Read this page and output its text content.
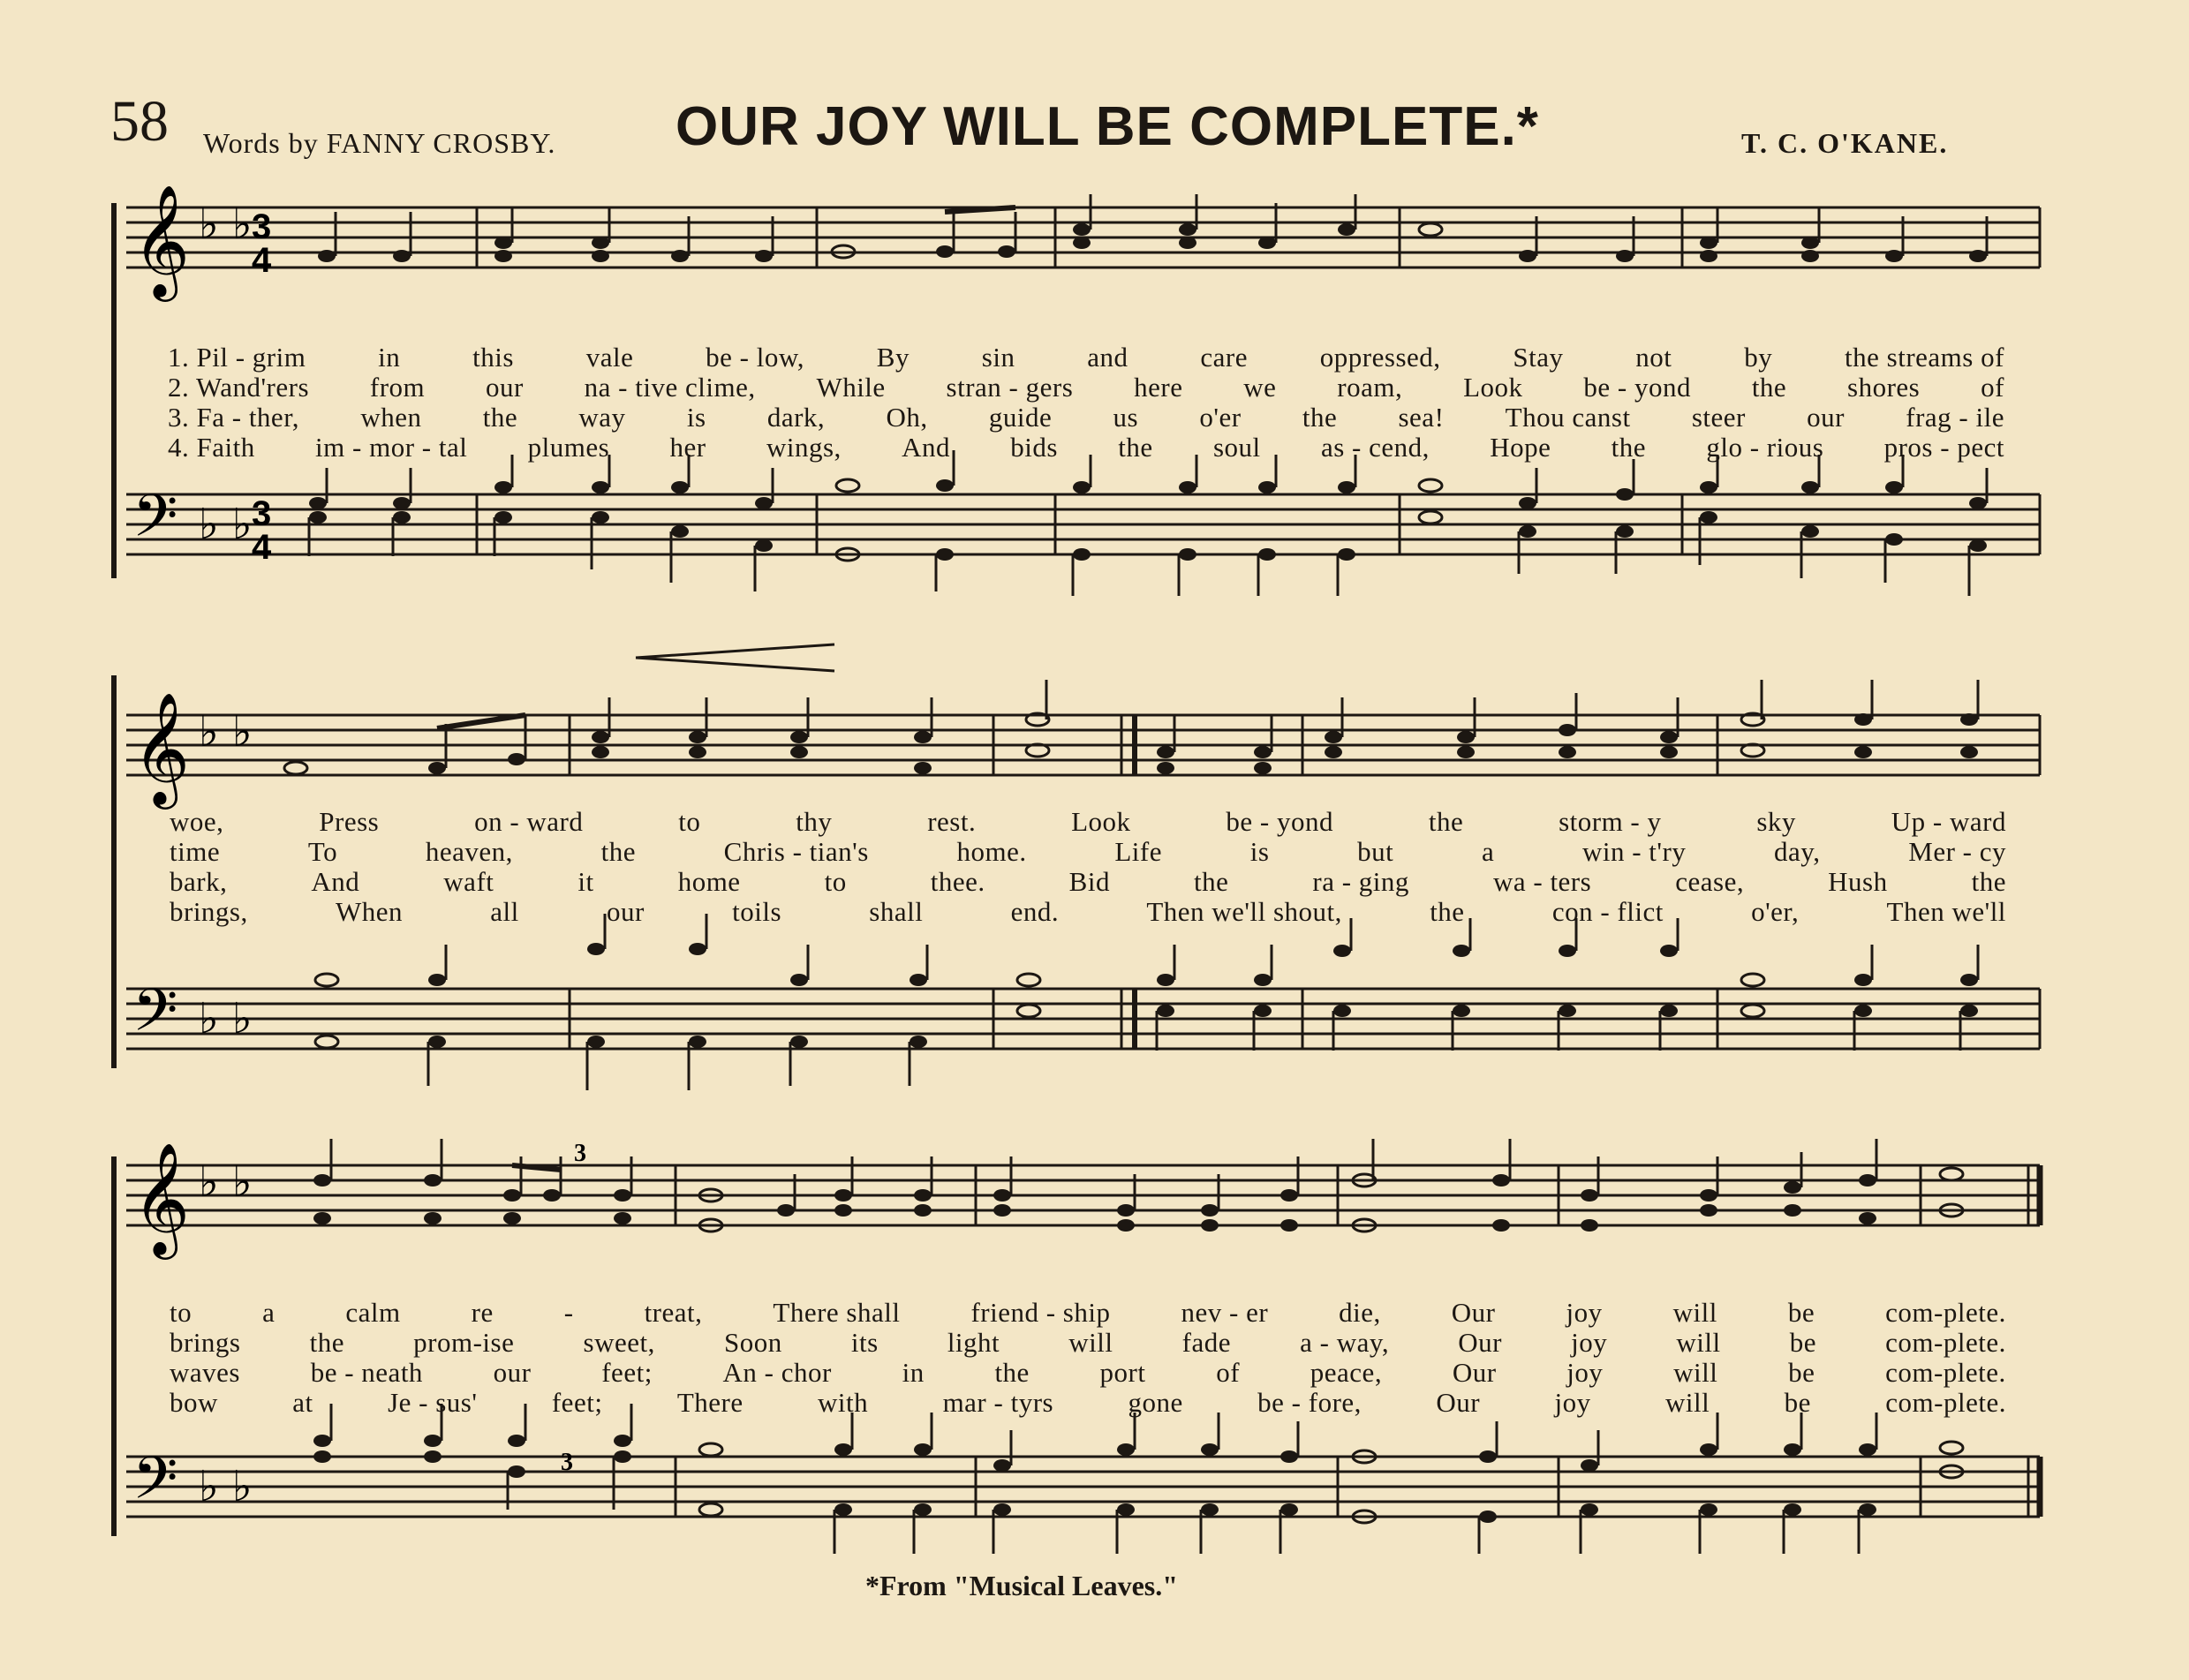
58 Words by FANNY CROSBY. OUR JOY WILL BE COMPLETE.*	T. C. O'KANE.
𝄞 ♭ ♭ 3
4
𝄢 ♭ ♭ 3
4
1. Pil - grim	in	this	vale	be - low,	By	sin	and	care	oppressed,	Stay	not	by	the streams of
2. Wand'rers from our na - tive clime, While stran - gers here we roam, Look be - yond the shores of
3. Fa - ther, when the way is dark, Oh, guide us o'er the sea! Thou canst steer our frag - ile
4. Faith im - mor - tal plumes her wings, And bids the soul as - cend, Hope the glo - rious pros - pect
𝄞 ♭ ♭
𝄢 ♭ ♭
woe,	Press	on - ward	to	thy	rest.	Look	be - yond	the	storm - y	sky	Up - ward
time	To	heaven,	the	Chris - tian's	home.	Life	is	but	a	win - t'ry	day,	Mer - cy
bark,	And	waft	it	home	to	thee.	Bid	the	ra - ging	wa - ters	cease,	Hush	the
brings,	When	all	our	toils	shall	end.	Then we'll shout,	the	con - flict	o'er,	Then we'll
𝄞 ♭ ♭
3
𝄢 ♭ ♭	3
to	a	calm	re	-	treat,	There shall	friend - ship	nev - er	die,	Our	joy	will	be	com-plete.
brings	the	prom-ise	sweet,	Soon	its	light	will	fade	a - way,	Our	joy	will	be	com-plete.
waves	be - neath	our	feet;	An - chor	in	the	port	of	peace,	Our	joy	will	be	com-plete.
bow	at	Je - sus'	feet;	There	with	mar - tyrs	gone	be - fore,	Our	joy	will	be	com-plete.
*From "Musical Leaves."
